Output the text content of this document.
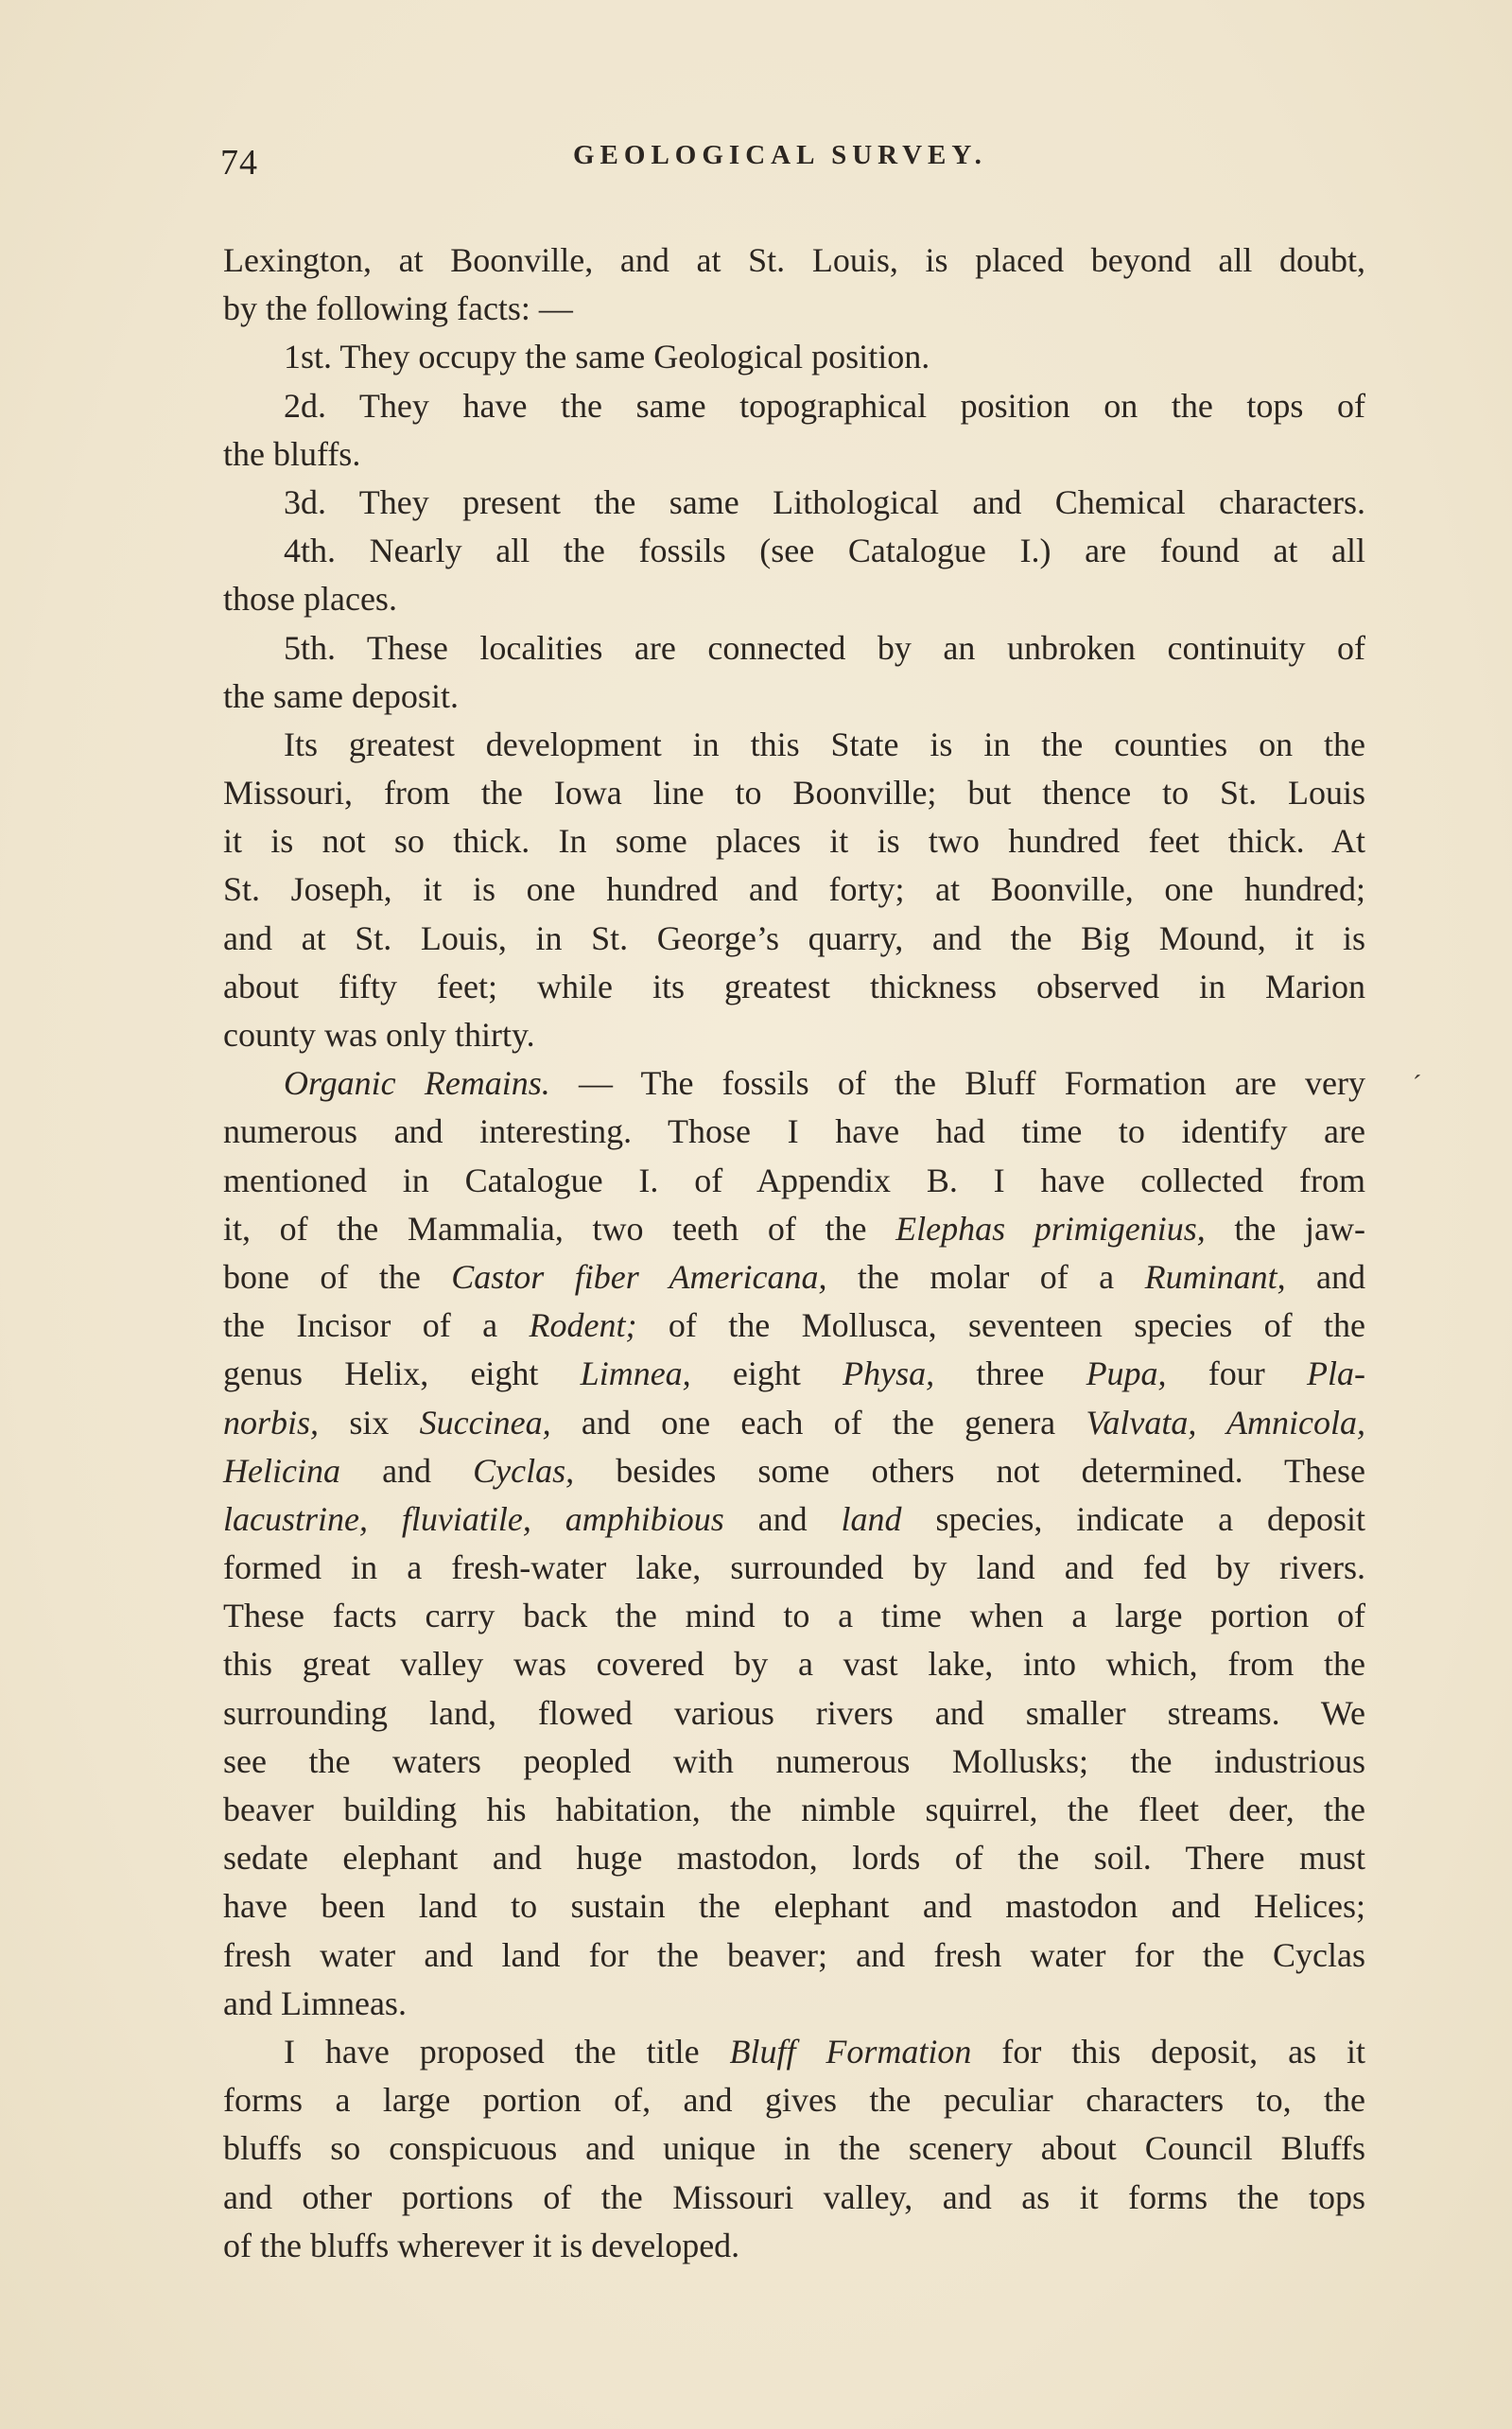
74	GEOLOGICAL SURVEY.
Lexington, at Boonville, and at St. Louis, is placed beyond all doubt,
by the following facts: —
1st. They occupy the same Geological position.
2d. They have the same topographical position on the tops of
the bluffs.
3d. They present the same Lithological and Chemical characters.
4th. Nearly all the fossils (see Catalogue I.) are found at all
those places.
5th. These localities are connected by an unbroken continuity of
the same deposit.
Its greatest development in this State is in the counties on the
Missouri, from the Iowa line to Boonville; but thence to St. Louis
it is not so thick. In some places it is two hundred feet thick. At
St. Joseph, it is one hundred and forty; at Boonville, one hundred;
and at St. Louis, in St. George’s quarry, and the Big Mound, it is
about fifty feet; while its greatest thickness observed in Marion
county was only thirty.
Organic Remains. — The fossils of the Bluff Formation are very
numerous and interesting. Those I have had time to identify are
mentioned in Catalogue I. of Appendix B. I have collected from
it, of the Mammalia, two teeth of the Elephas primigenius, the jaw-
bone of the Castor fiber Americana, the molar of a Ruminant, and
the Incisor of a Rodent; of the Mollusca, seventeen species of the
genus Helix, eight Limnea, eight Physa, three Pupa, four Pla-
norbis, six Succinea, and one each of the genera Valvata, Amnicola,
Helicina and Cyclas, besides some others not determined. These
lacustrine, fluviatile, amphibious and land species, indicate a deposit
formed in a fresh-water lake, surrounded by land and fed by rivers.
These facts carry back the mind to a time when a large portion of
this great valley was covered by a vast lake, into which, from the
surrounding land, flowed various rivers and smaller streams. We
see the waters peopled with numerous Mollusks; the industrious
beaver building his habitation, the nimble squirrel, the fleet deer, the
sedate elephant and huge mastodon, lords of the soil. There must
have been land to sustain the elephant and mastodon and Helices;
fresh water and land for the beaver; and fresh water for the Cyclas
and Limneas.
I have proposed the title Bluff Formation for this deposit, as it
forms a large portion of, and gives the peculiar characters to, the
bluffs so conspicuous and unique in the scenery about Council Bluffs
and other portions of the Missouri valley, and as it forms the tops
of the bluffs wherever it is developed.
´
